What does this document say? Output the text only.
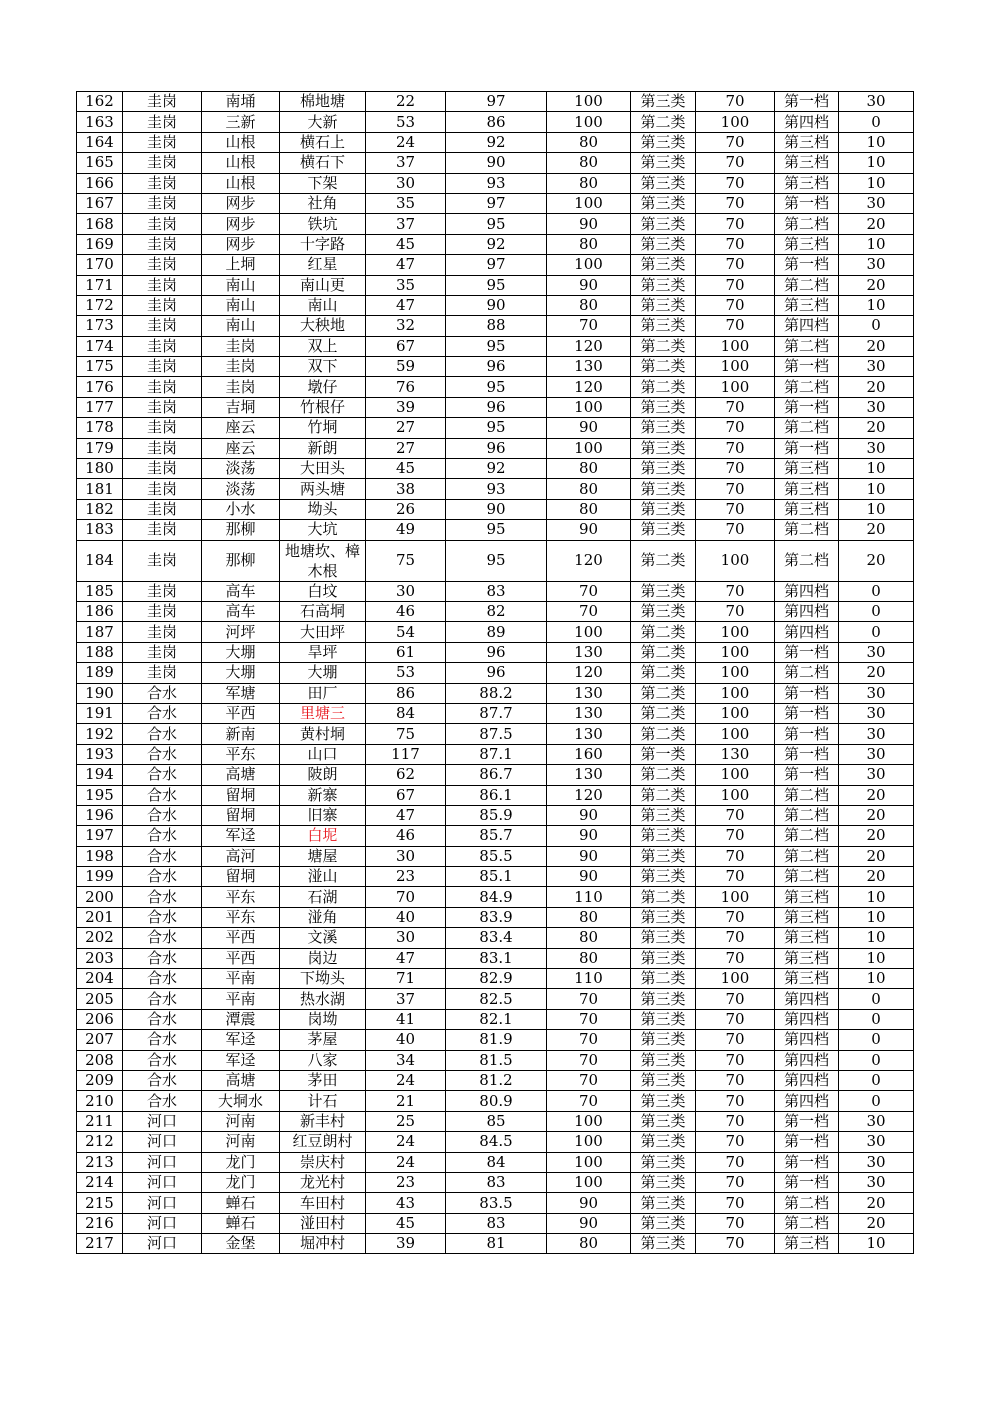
162	圭岗	南埇	棉地塘	22	97	100	第三类	70	第一档	30
163	圭岗	三新	大新	53	86	100	第二类	100	第四档	0
164	圭岗	山根	横石上	24	92	80	第三类	70	第三档	10
165	圭岗	山根	横石下	37	90	80	第三类	70	第三档	10
166	圭岗	山根	下架	30	93	80	第三类	70	第三档	10
167	圭岗	网步	社角	35	97	100	第三类	70	第一档	30
168	圭岗	网步	铁坑	37	95	90	第三类	70	第二档	20
169	圭岗	网步	十字路	45	92	80	第三类	70	第三档	10
170	圭岗	上垌	红星	47	97	100	第三类	70	第一档	30
171	圭岗	南山	南山更	35	95	90	第三类	70	第二档	20
172	圭岗	南山	南山	47	90	80	第三类	70	第三档	10
173	圭岗	南山	大秧地	32	88	70	第三类	70	第四档	0
174	圭岗	圭岗	双上	67	95	120	第二类	100	第二档	20
175	圭岗	圭岗	双下	59	96	130	第二类	100	第一档	30
176	圭岗	圭岗	墩仔	76	95	120	第二类	100	第二档	20
177	圭岗	吉垌	竹根仔	39	96	100	第三类	70	第一档	30
178	圭岗	座云	竹垌	27	95	90	第三类	70	第二档	20
179	圭岗	座云	新朗	27	96	100	第三类	70	第一档	30
180	圭岗	淡荡	大田头	45	92	80	第三类	70	第三档	10
181	圭岗	淡荡	两头塘	38	93	80	第三类	70	第三档	10
182	圭岗	小水	坳头	26	90	80	第三类	70	第三档	10
183	圭岗	那柳	大坑	49	95	90	第三类	70	第二档	20
184	圭岗	那柳	地塘坎、樟木根	75	95	120	第二类	100	第二档	20
185	圭岗	高车	白坟	30	83	70	第三类	70	第四档	0
186	圭岗	高车	石高垌	46	82	70	第三类	70	第四档	0
187	圭岗	河坪	大田坪	54	89	100	第二类	100	第四档	0
188	圭岗	大堋	旱坪	61	96	130	第二类	100	第一档	30
189	圭岗	大堋	大堋	53	96	120	第二类	100	第二档	20
190	合水	军塘	田厂	86	88.2	130	第二类	100	第一档	30
191	合水	平西	里塘三	84	87.7	130	第二类	100	第一档	30
192	合水	新南	黄村垌	75	87.5	130	第二类	100	第一档	30
193	合水	平东	山口	117	87.1	160	第一类	130	第一档	30
194	合水	高塘	陂朗	62	86.7	130	第二类	100	第一档	30
195	合水	留垌	新寨	67	86.1	120	第二类	100	第二档	20
196	合水	留垌	旧寨	47	85.9	90	第三类	70	第二档	20
197	合水	军迳	白坭	46	85.7	90	第三类	70	第二档	20
198	合水	高河	塘屋	30	85.5	90	第三类	70	第二档	20
199	合水	留垌	湴山	23	85.1	90	第三类	70	第二档	20
200	合水	平东	石湖	70	84.9	110	第二类	100	第三档	10
201	合水	平东	湴角	40	83.9	80	第三类	70	第三档	10
202	合水	平西	文溪	30	83.4	80	第三类	70	第三档	10
203	合水	平西	岗边	47	83.1	80	第三类	70	第三档	10
204	合水	平南	下坳头	71	82.9	110	第二类	100	第三档	10
205	合水	平南	热水湖	37	82.5	70	第三类	70	第四档	0
206	合水	潭震	岗坳	41	82.1	70	第三类	70	第四档	0
207	合水	军迳	茅屋	40	81.9	70	第三类	70	第四档	0
208	合水	军迳	八家	34	81.5	70	第三类	70	第四档	0
209	合水	高塘	茅田	24	81.2	70	第三类	70	第四档	0
210	合水	大垌水	计石	21	80.9	70	第三类	70	第四档	0
211	河口	河南	新丰村	25	85	100	第三类	70	第一档	30
212	河口	河南	红豆朗村	24	84.5	100	第三类	70	第一档	30
213	河口	龙门	崇庆村	24	84	100	第三类	70	第一档	30
214	河口	龙门	龙光村	23	83	100	第三类	70	第一档	30
215	河口	蝉石	车田村	43	83.5	90	第三类	70	第二档	20
216	河口	蝉石	湴田村	45	83	90	第三类	70	第二档	20
217	河口	金堡	堀冲村	39	81	80	第三类	70	第三档	10
